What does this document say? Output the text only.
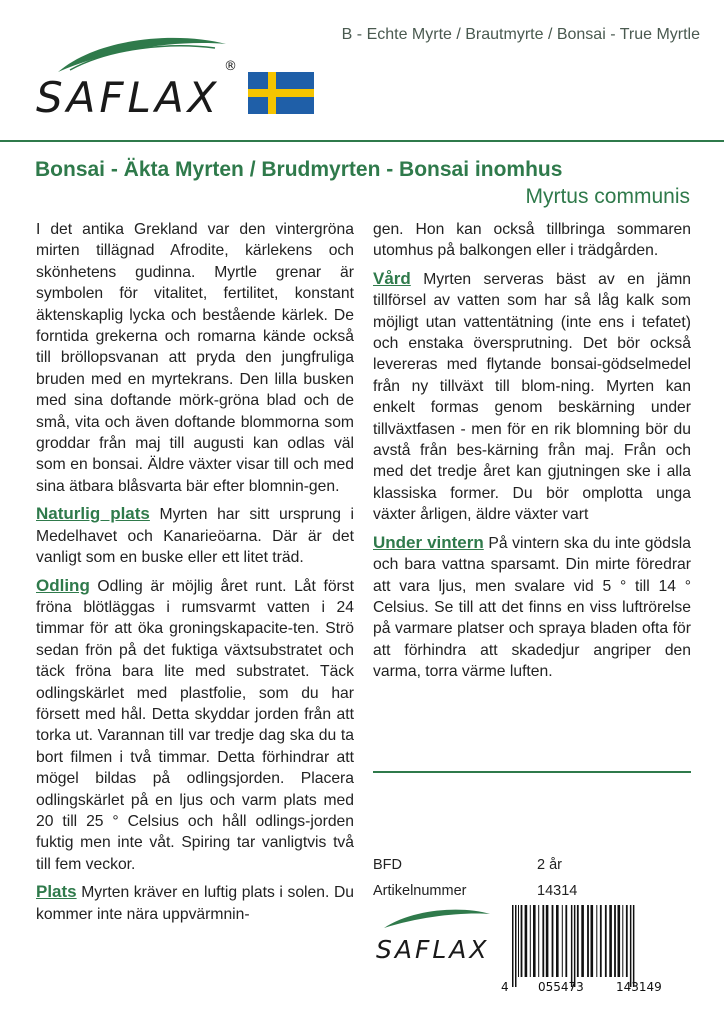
SAFLAX
®
B - Echte Myrte / Brautmyrte / Bonsai - True Myrtle
Bonsai - Äkta Myrten / Brudmyrten - Bonsai inomhus
Myrtus communis

I det antika Grekland var den vintergröna mirten tillägnad Afrodite, kärlekens och skönhetens gudinna. Myrtle grenar är symbolen för vitalitet, fertilitet, konstant äktenskaplig lycka och bestående kärlek. De forntida grekerna och romarna kände också till bröllopsvanan att pryda den jungfruliga bruden med en myrtekrans. Den lilla busken med sina doftande mörk-gröna blad och de små, vita och även doftande blommorna som groddar från maj till augusti kan odlas väl som en bonsai. Äldre växter visar till och med sina ätbara blåsvarta bär efter blomnin-gen.

Naturlig plats Myrten har sitt ursprung i Medelhavet och Kanarieöarna. Där är det vanligt som en buske eller ett litet träd.

Odling Odling är möjlig året runt. Låt först fröna blötläggas i rumsvarmt vatten i 24 timmar för att öka groningskapacite-ten. Strö sedan frön på det fuktiga växtsubstratet och täck fröna bara lite med substratet. Täck odlingskärlet med plastfolie, som du har försett med hål. Detta skyddar jorden från att torka ut. Varannan till var tredje dag ska du ta bort filmen i två timmar. Detta förhindrar att mögel bildas på odlingsjorden. Placera odlingskärlet på en ljus och varm plats med 20 till 25 ° Celsius och håll odlings-jorden fuktig men inte våt. Spiring tar vanligtvis två till fem veckor.

Plats Myrten kräver en luftig plats i solen. Du kommer inte nära uppvärmnin-

gen. Hon kan också tillbringa sommaren utomhus på balkongen eller i trädgården.

Vård Myrten serveras bäst av en jämn tillförsel av vatten som har så låg kalk som möjligt utan vattentätning (inte ens i tefatet) och enstaka översprutning. Det bör också levereras med flytande bonsai-gödselmedel från ny tillväxt till blom-ning. Myrten kan enkelt formas genom beskärning under tillväxtfasen - men för en rik blomning bör du avstå från bes-kärning från maj. Från och med det tredje året kan gjutningen ske i alla klassiska former. Du bör omplotta unga växter årligen, äldre växter vart

Under vintern På vintern ska du inte gödsla och bara vattna sparsamt. Din mirte föredrar att vara ljus, men svalare vid 5 ° till 14 ° Celsius. Se till att det finns en viss luftrörelse på varmare platser och spraya bladen ofta för att förhindra att skadedjur angriper den varma, torra värme luften.

BFD	2 år
Artikelnummer	14314
SAFLAX
4 055473	143149
